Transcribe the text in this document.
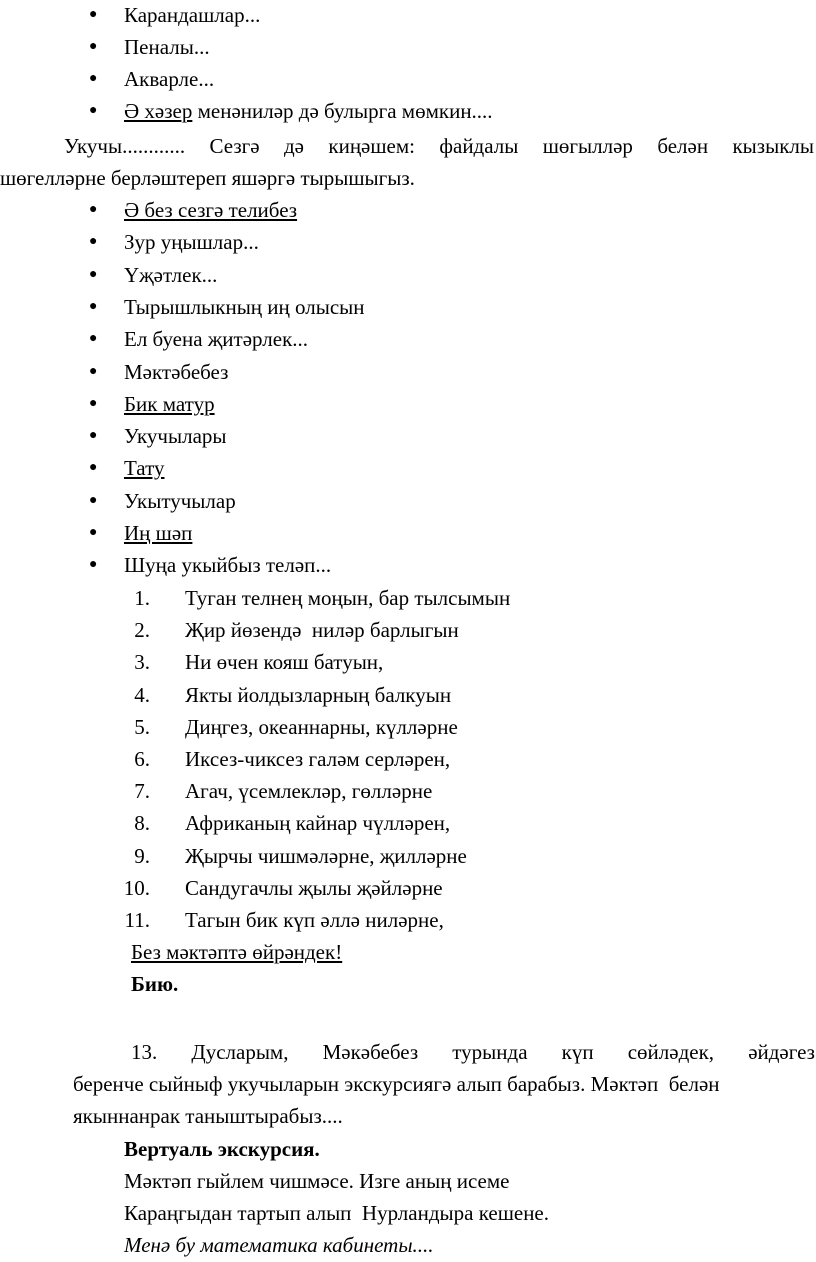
● Карандашлар...
● Пеналы...
● Акварле...
● Ә хәзер менәниләр дә булырга мөмкин....
Укучы............ Сезгә дә киңәшем: файдалы шөгылләр белән кызыклы
шөгелләрне берләштереп яшәргә тырышыгыз.
● Ә без сезгә телибез
● Зур уңышлар...
● Үҗәтлек...
● Тырышлыкның иң олысын
● Ел буена җитәрлек...
● Мәктәбебез
● Бик матур
● Укучылары
● Тату
● Укытучылар
● Иң шәп
● Шуңа укыйбыз теләп...
1. Туган телнең моңын, бар тылсымын
2. Җир йөзендә  ниләр барлыгын
3. Ни өчен кояш батуын,
4. Якты йолдызларның балкуын
5. Диңгез, океаннарны, күлләрне
6. Иксез-чиксез галәм серләрен,
7. Агач, үсемлекләр, гөлләрне
8. Африканың кайнар чүлләрен,
9. Җырчы чишмәләрне, җилләрне
10. Сандугачлы җылы җәйләрне
11. Тагын бик күп әллә ниләрне,
Без мәктәптә өйрәндек!
Бию.
13. Дусларым, Мәкәбебез турында күп сөйләдек, әйдәгез
беренче сыйныф укучыларын экскурсиягә алып барабыз. Мәктәп  белән
якыннанрак таныштырабыз....
Вертуаль экскурсия.
Мәктәп гыйлем чишмәсе. Изге аның исеме
Караңгыдан тартып алып  Нурландыра кешене.
Менә бу математика кабинеты....
